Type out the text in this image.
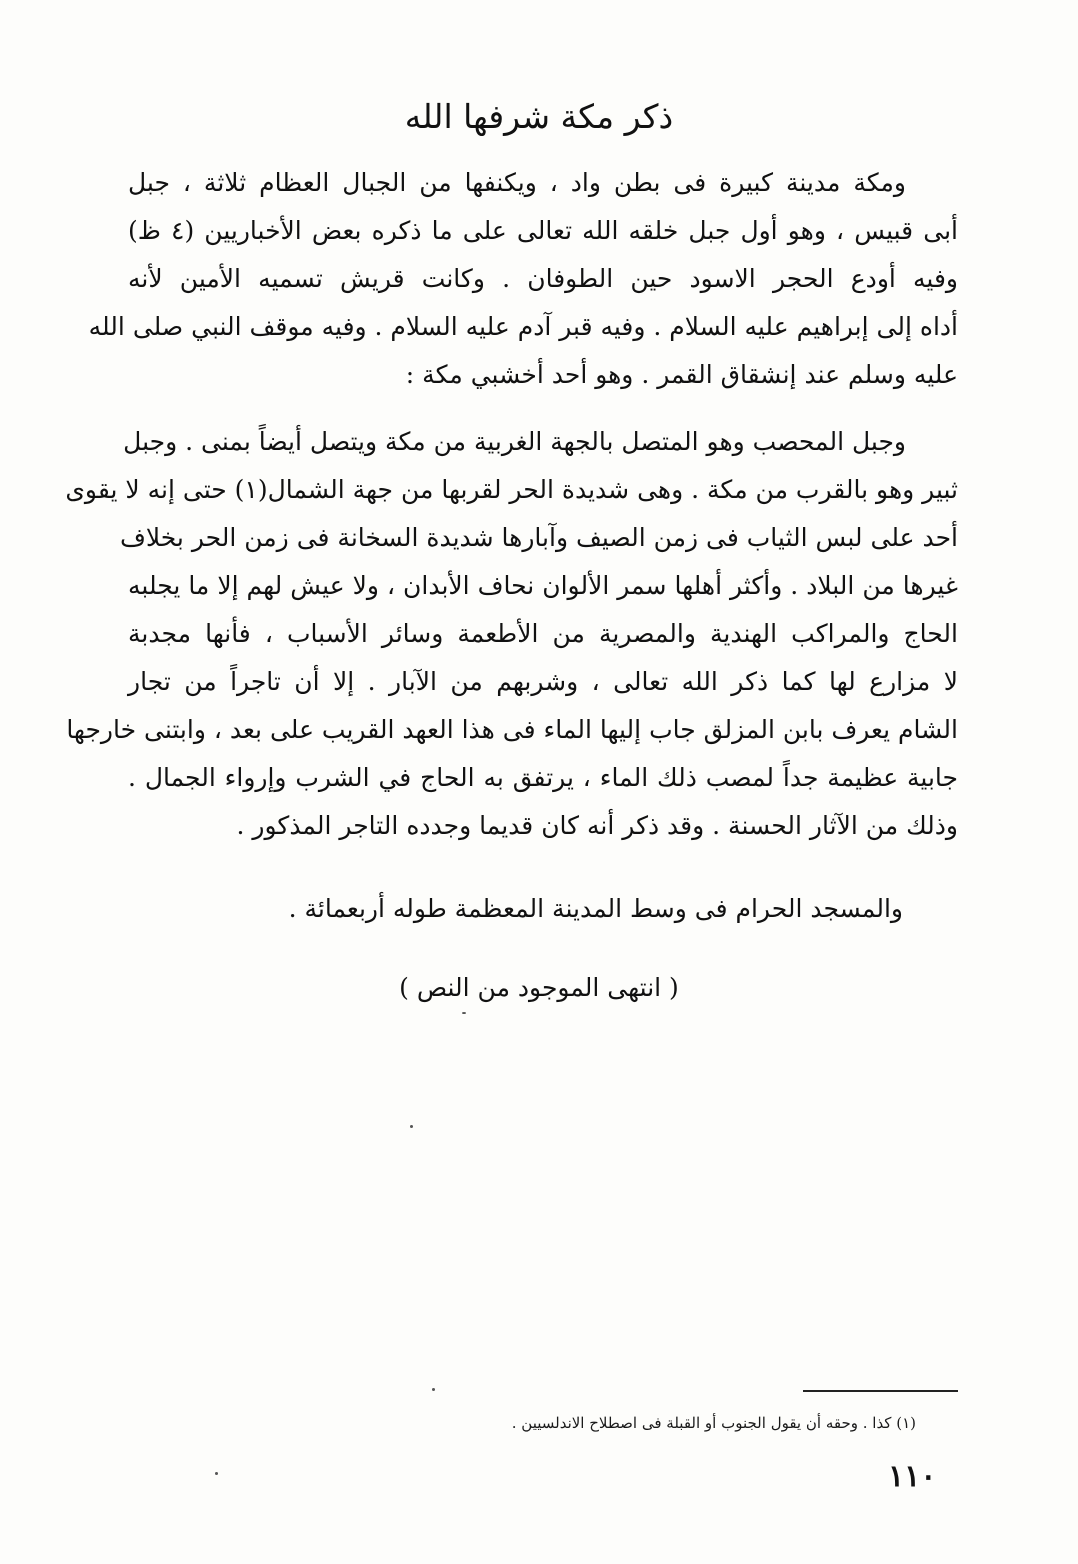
ذكر مكة شرفها الله
ومكة مدينة كبيرة فى بطن واد ، ويكنفها من الجبال العظام ثلاثة ، جبل
أبى قبيس ، وهو أول جبل خلقه الله تعالى على ما ذكره بعض الأخباريين (٤ ظ)
وفيه أودع الحجر الاسود حين الطوفان . وكانت قريش تسميه الأمين لأنه
أداه إلى إبراهيم عليه السلام . وفيه قبر آدم عليه السلام . وفيه موقف النبي صلى الله
عليه وسلم عند إنشقاق القمر . وهو أحد أخشبي مكة :
وجبل المحصب وهو المتصل بالجهة الغربية من مكة ويتصل أيضاً بمنى . وجبل
ثبير وهو بالقرب من مكة . وهى شديدة الحر لقربها من جهة الشمال(١) حتى إنه لا يقوى
أحد على لبس الثياب فى زمن الصيف وآبارها شديدة السخانة فى زمن الحر بخلاف
غيرها من البلاد . وأكثر أهلها سمر الألوان نحاف الأبدان ، ولا عيش لهم إلا ما يجلبه
الحاج والمراكب الهندية والمصرية من الأطعمة وسائر الأسباب ، فأنها مجدبة
لا مزارع لها كما ذكر الله تعالى ، وشربهم من الآبار . إلا أن تاجراً من تجار
الشام يعرف بابن المزلق جاب إليها الماء فى هذا العهد القريب على بعد ، وابتنى خارجها
جابية عظيمة جداً لمصب ذلك الماء ، يرتفق به الحاج في الشرب وإرواء الجمال .
وذلك من الآثار الحسنة . وقد ذكر أنه كان قديما وجدده التاجر المذكور .
والمسجد الحرام فى وسط المدينة المعظمة طوله أربعمائة .
( انتهى الموجود من النص )
(١) كذا . وحقه أن يقول الجنوب أو القبلة فى اصطلاح الاندلسيين .
١١٠
